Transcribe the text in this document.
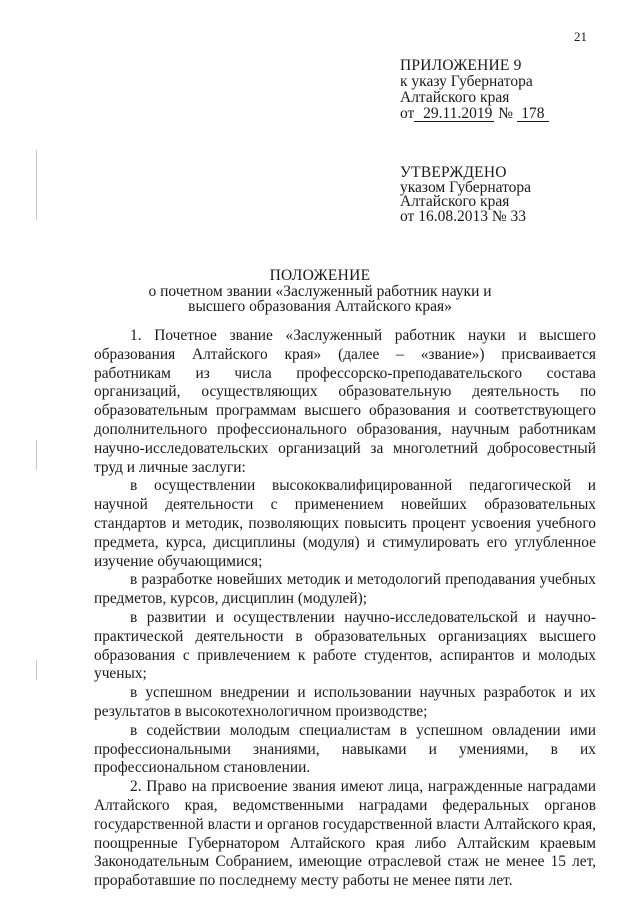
21
ПРИЛОЖЕНИЕ 9
к указу Губернатора
Алтайского края
от 29.11.2019 № 178
УТВЕРЖДЕНО
указом Губернатора
Алтайского края
от 16.08.2013 № 33
ПОЛОЖЕНИЕ
о почетном звании «Заслуженный работник науки и
высшего образования Алтайского края»

1. Почетное звание «Заслуженный работник науки и высшего образования Алтайского края» (далее – «звание») присваивается работникам из числа профессорско-преподавательского состава организаций, осуществляющих образовательную деятельность по образовательным программам высшего образования и соответствующего дополнительного профессионального образования, научным работникам научно-исследовательских организаций за многолетний добросовестный труд и личные заслуги:

в осуществлении высококвалифицированной педагогической и научной деятельности с применением новейших образовательных стандартов и методик, позволяющих повысить процент усвоения учебного предмета, курса, дисциплины (модуля) и стимулировать его углубленное изучение обучающимися;

в разработке новейших методик и методологий преподавания учебных предметов, курсов, дисциплин (модулей);

в развитии и осуществлении научно-исследовательской и научно-практической деятельности в образовательных организациях высшего образования с привлечением к работе студентов, аспирантов и молодых ученых;

в успешном внедрении и использовании научных разработок и их результатов в высокотехнологичном производстве;

в содействии молодым специалистам в успешном овладении ими профессиональными знаниями, навыками и умениями, в их профессиональном становлении.

2. Право на присвоение звания имеют лица, награжденные наградами Алтайского края, ведомственными наградами федеральных органов государственной власти и органов государственной власти Алтайского края, поощренные Губернатором Алтайского края либо Алтайским краевым Законодательным Собранием, имеющие отраслевой стаж не менее 15 лет, проработавшие по последнему месту работы не менее пяти лет.
